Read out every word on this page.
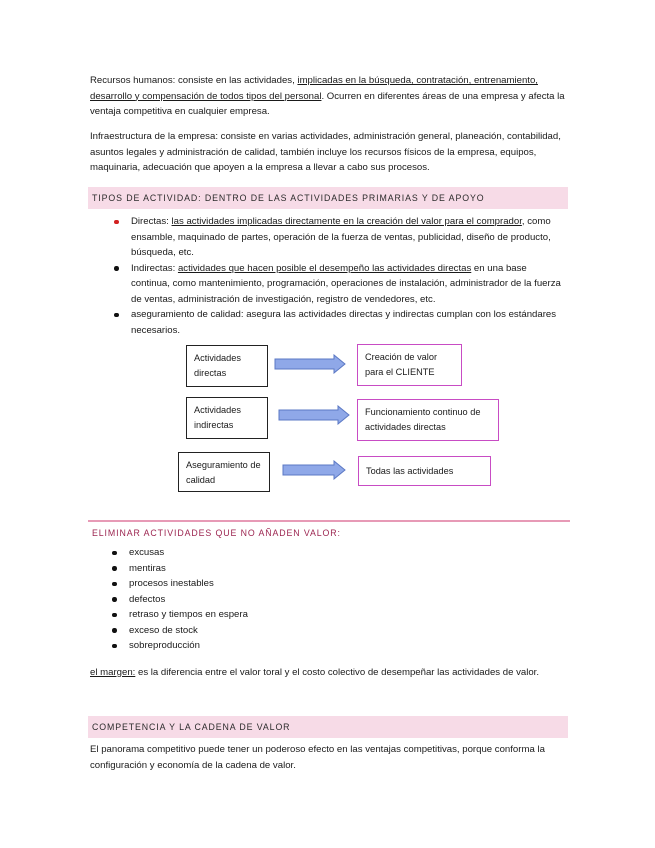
Recursos humanos: consiste en las actividades, implicadas en la búsqueda, contratación, entrenamiento, desarrollo y compensación de todos tipos del personal. Ocurren en diferentes áreas de una empresa y afecta la ventaja competitiva en cualquier empresa.

Infraestructura de la empresa: consiste en varias actividades, administración general, planeación, contabilidad, asuntos legales y administración de calidad, también incluye los recursos físicos de la empresa, equipos, maquinaria, adecuación que apoyen a la empresa a llevar a cabo sus procesos.

TIPOS DE ACTIVIDAD: DENTRO DE LAS ACTIVIDADES PRIMARIAS Y DE APOYO
Directas: las actividades implicadas directamente en la creación del valor para el comprador, como ensamble, maquinado de partes, operación de la fuerza de ventas, publicidad, diseño de producto, búsqueda, etc.
Indirectas: actividades que hacen posible el desempeño las actividades directas en una base continua, como mantenimiento, programación, operaciones de instalación, administrador de la fuerza de ventas, administración de investigación, registro de vendedores, etc.
aseguramiento de calidad: asegura las actividades directas y indirectas cumplan con los estándares necesarios.
Actividades directas
Creación de valor para el CLIENTE
Actividades indirectas
Funcionamiento continuo de actividades directas
Aseguramiento de calidad
Todas las actividades
ELIMINAR ACTIVIDADES QUE NO AÑADEN VALOR:
excusas
mentiras
procesos inestables
defectos
retraso y tiempos en espera
exceso de stock
sobreproducción

el margen: es la diferencia entre el valor toral y el costo colectivo de desempeñar las actividades de valor.

COMPETENCIA Y LA CADENA DE VALOR

El panorama competitivo puede tener un poderoso efecto en las ventajas competitivas, porque conforma la configuración y economía de la cadena de valor.
